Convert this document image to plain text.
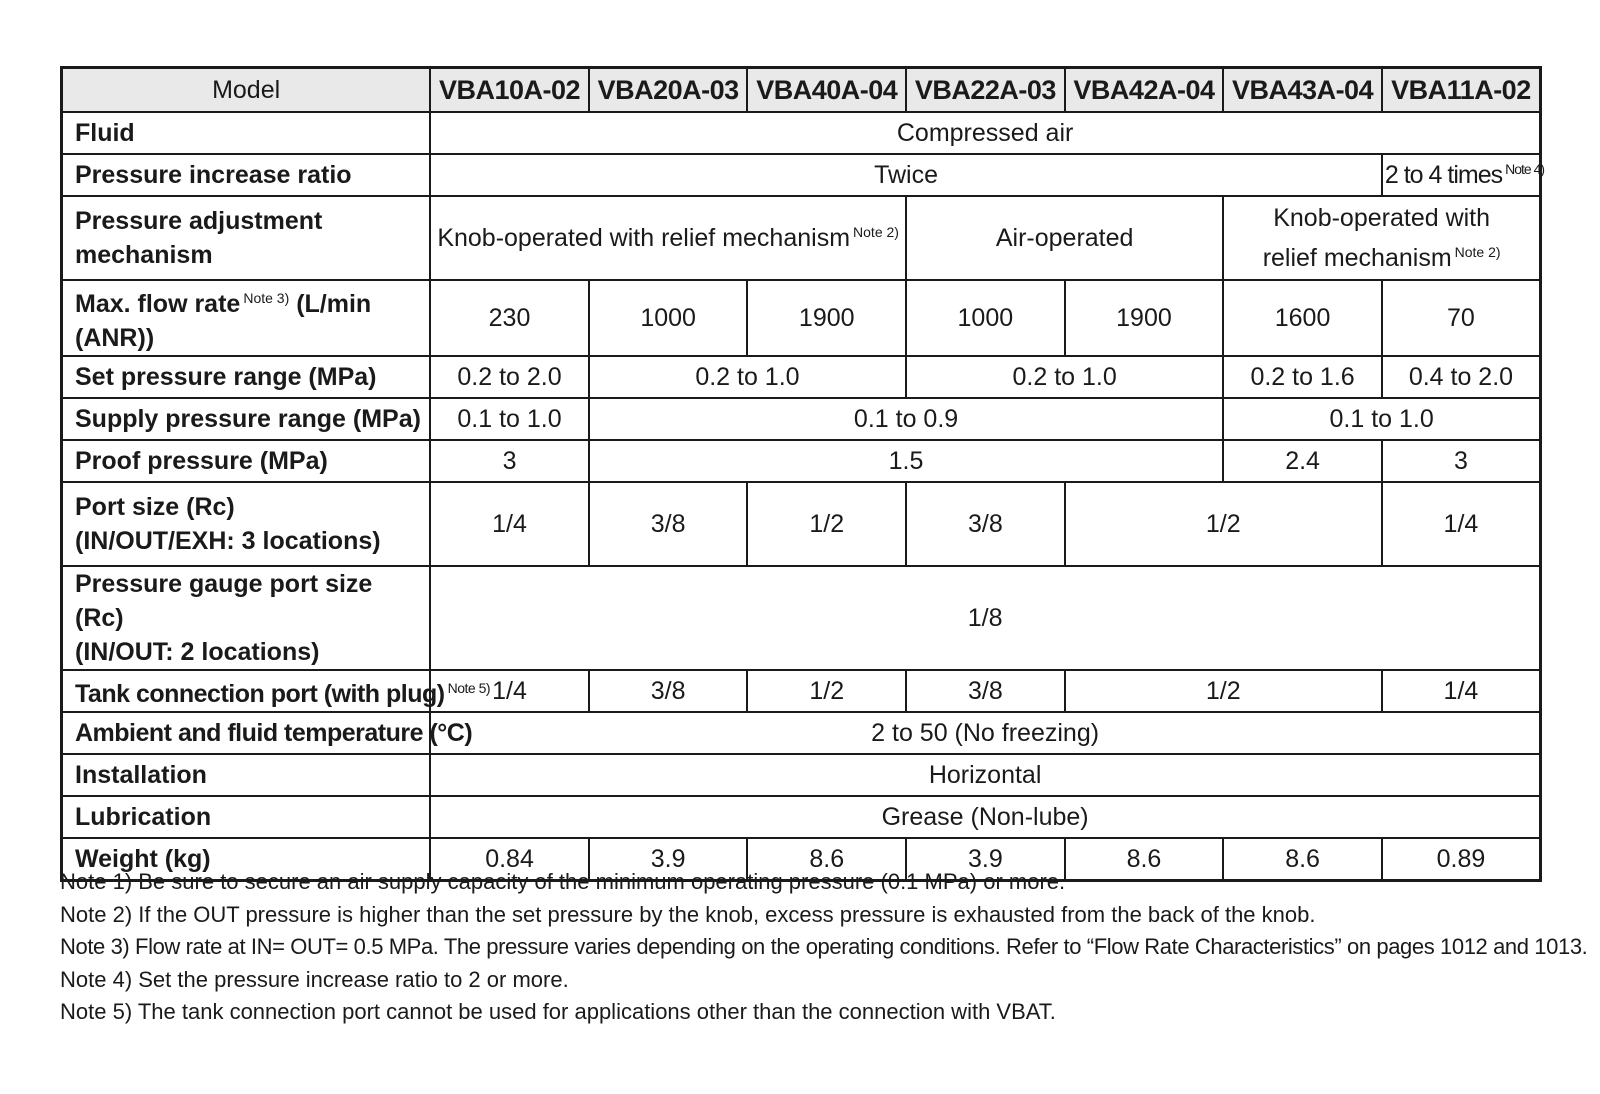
Model	VBA10A-02	VBA20A-03	VBA40A-04	VBA22A-03	VBA42A-04	VBA43A-04	VBA11A-02
Fluid	Compressed air						
Pressure increase ratio	Twice						2 to 4 times $^{Note 4)}$
Pressure adjustment mechanism	Knob-operated with relief mechanism $^{Note 2)}$			Air-operated		Knob-operated with
relief mechanism $^{Note 2)}$

Max. flow rate $^{Note 3)}$ (L/min (ANR))	230	1000	1900	1000	1900	1600	70
Set pressure range (MPa)	0.2 to 2.0	0.2 to 1.0		0.2 to 1.0		0.2 to 1.6	0.4 to 2.0
Supply pressure range (MPa)	0.1 to 1.0	0.1 to 0.9				0.1 to 1.0	
Proof pressure (MPa)	3	1.5				2.4	3

Port size (Rc)
(IN/OUT/EXH: 3 locations)	1/4	3/8	1/2	3/8	1/2		1/4

Pressure gauge port size (Rc)
(IN/OUT: 2 locations)	1/8						
Tank connection port (with plug) $^{Note 5)}$	1/4	3/8	1/2	3/8	1/2		1/4
Ambient and fluid temperature (°C)	2 to 50 (No freezing)						
Installation	Horizontal						
Lubrication	Grease (Non-lube)						
Weight (kg)	0.84	3.9	8.6	3.9	8.6	8.6	0.89
Note 1) Be sure to secure an air supply capacity of the minimum operating pressure (0.1 MPa) or more.
Note 2) If the OUT pressure is higher than the set pressure by the knob, excess pressure is exhausted from the back of the knob.
Note 3) Flow rate at IN= OUT= 0.5 MPa. The pressure varies depending on the operating conditions. Refer to “Flow Rate Characteristics” on pages 1012 and 1013.
Note 4) Set the pressure increase ratio to 2 or more.
Note 5) The tank connection port cannot be used for applications other than the connection with VBAT.
